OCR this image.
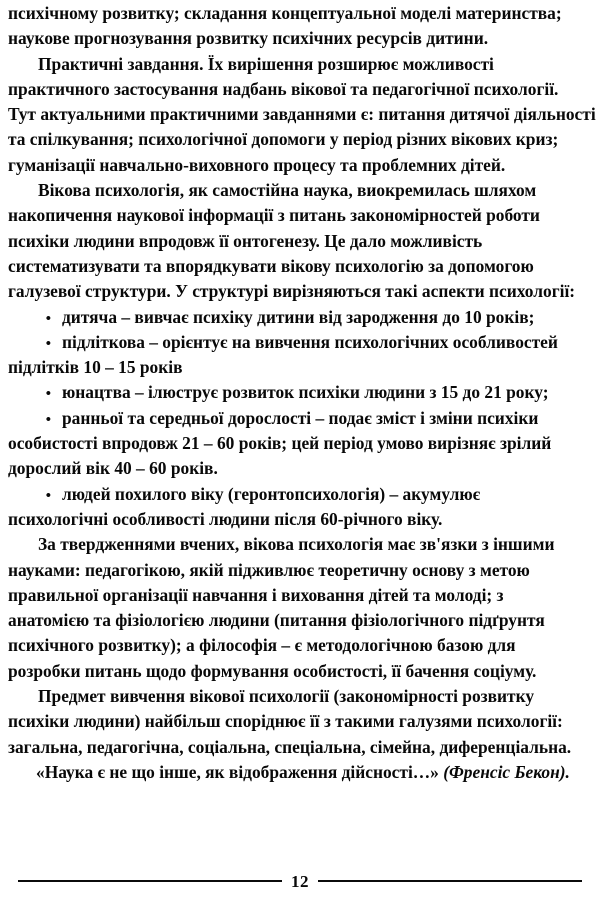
психічному розвитку; складання концептуальної моделі материнства;
наукове прогнозування розвитку психічних ресурсів дитини.
Практичні завдання. Їх вирішення розширює можливості
практичного застосування надбань вікової та педагогічної психології.
Тут актуальними практичними завданнями є: питання дитячої діяльності
та спілкування; психологічної допомоги у період різних вікових криз;
гуманізації навчально-виховного процесу та проблемних дітей.
Вікова психологія, як самостійна наука, виокремилась шляхом
накопичення наукової інформації з питань закономірностей роботи
психіки людини впродовж її онтогенезу. Це дало можливість
систематизувати та впорядкувати вікову психологію за допомогою
галузевої структури. У структурі вирізняються такі аспекти психології:
• дитяча – вивчає психіку дитини від зародження до 10 років;
• підліткова – орієнтує на вивчення психологічних особливостей
підлітків 10 – 15 років
• юнацтва – ілюструє розвиток психіки людини з 15 до 21 року;
• ранньої та середньої дорослості – подає зміст і зміни психіки
особистості впродовж 21 – 60 років; цей період умово вирізняє зрілий
дорослий вік 40 – 60 років.
• людей похилого віку (геронтопсихологія) – акумулює
психологічні особливості людини після 60-річного віку.
За твердженнями вчених, вікова психологія має зв'язки з іншими
науками: педагогікою, якій підживлює теоретичну основу з метою
правильної організації навчання і виховання дітей та молоді; з
анатомією та фізіологією людини (питання фізіологічного підґрунтя
психічного розвитку); а філософія – є методологічною базою для
розробки питань щодо формування особистості, її бачення соціуму.
Предмет вивчення вікової психології (закономірності розвитку
психіки людини) найбільш споріднює її з такими галузями психології:
загальна, педагогічна, соціальна, спеціальна, сімейна, диференціальна.
«Наука є не що інше, як відображення дійсності…» (Френсіс Бекон).
12
